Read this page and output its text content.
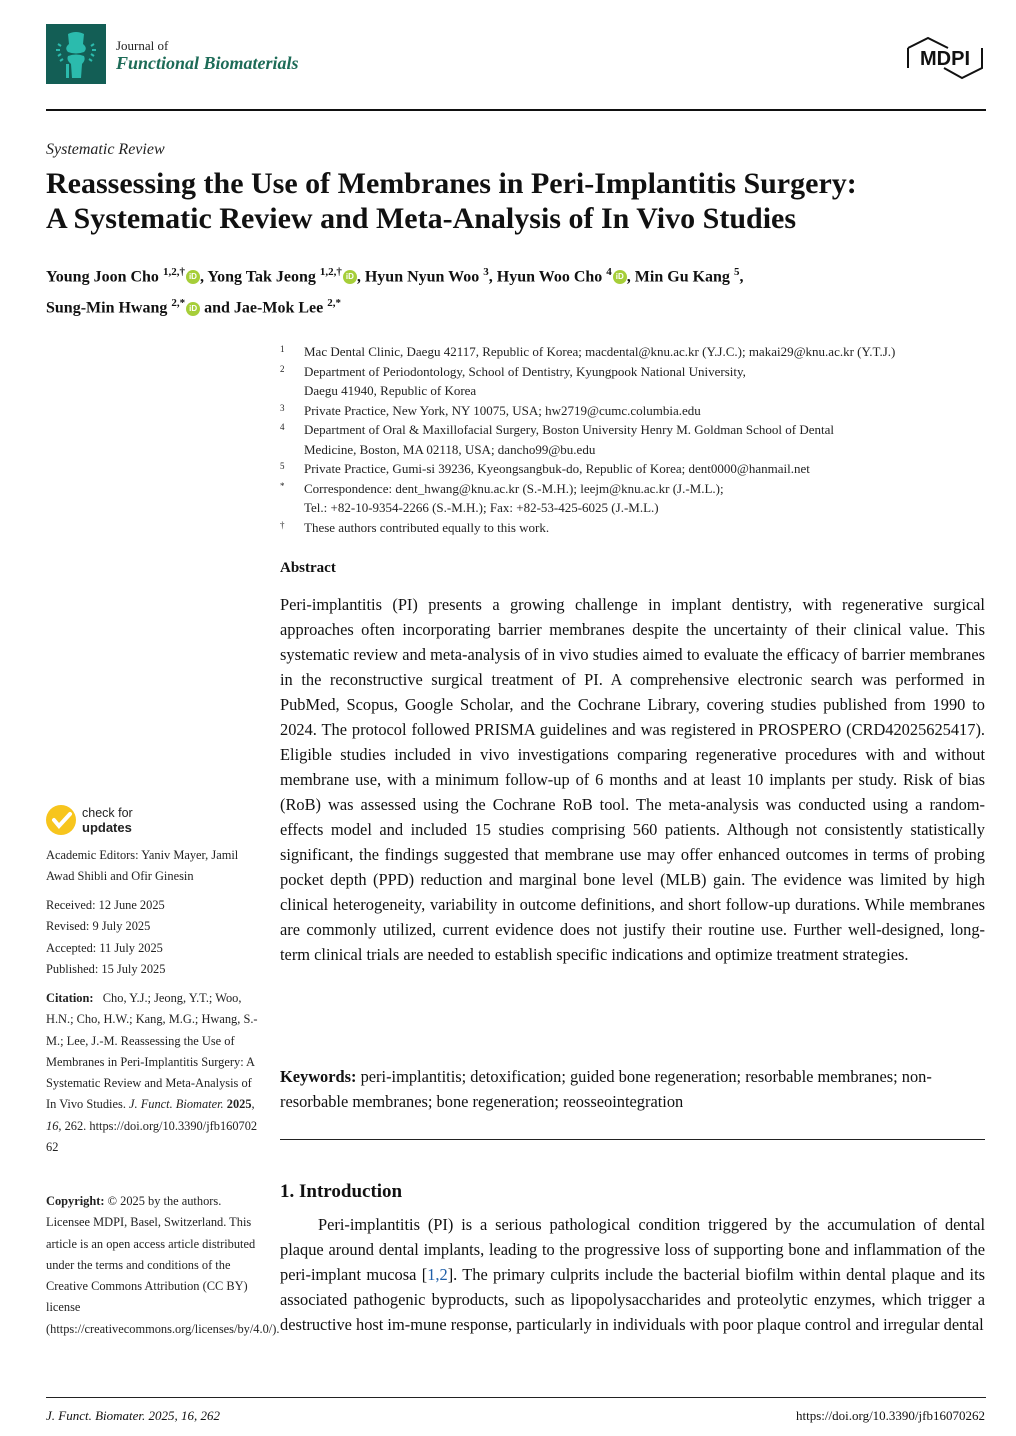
Journal of
Functional Biomaterials	MDPI
Systematic Review
Reassessing the Use of Membranes in Peri-Implantitis Surgery:
A Systematic Review and Meta-Analysis of In Vivo Studies
Young Joon Cho $^{1,2,\dagger}$ iD , Yong Tak Jeong $^{1,2,\dagger}$ iD , Hyun Nyun Woo $^3$, Hyun Woo Cho $^4$ iD , Min Gu Kang $^5$,
Sung-Min Hwang $^{2,*}$ iD and Jae-Mok Lee $^{2,*}$
1 Mac Dental Clinic, Daegu 42117, Republic of Korea; macdental@knu.ac.kr (Y.J.C.); makai29@knu.ac.kr (Y.T.J.)
2 Department of Periodontology, School of Dentistry, Kyungpook National University,
Daegu 41940, Republic of Korea
3 Private Practice, New York, NY 10075, USA; hw2719@cumc.columbia.edu
4 Department of Oral & Maxillofacial Surgery, Boston University Henry M. Goldman School of Dental
Medicine, Boston, MA 02118, USA; dancho99@bu.edu
5 Private Practice, Gumi-si 39236, Kyeongsangbuk-do, Republic of Korea; dent0000@hanmail.net
* Correspondence: dent_hwang@knu.ac.kr (S.-M.H.); leejm@knu.ac.kr (J.-M.L.);
Tel.: +82-10-9354-2266 (S.-M.H.); Fax: +82-53-425-6025 (J.-M.L.)
† These authors contributed equally to this work.
Abstract
Peri-implantitis (PI) presents a growing challenge in implant dentistry, with regenerative surgical approaches often incorporating barrier membranes despite the uncertainty of their clinical value. This systematic review and meta-analysis of in vivo studies aimed to evaluate the efficacy of barrier membranes in the reconstructive surgical treatment of PI. A comprehensive electronic search was performed in PubMed, Scopus, Google Scholar, and the Cochrane Library, covering studies published from 1990 to 2024. The protocol followed PRISMA guidelines and was registered in PROSPERO (CRD42025625417). Eligible studies included in vivo investigations comparing regenerative procedures with and without membrane use, with a minimum follow-up of 6 months and at least 10 implants per study. Risk of bias (RoB) was assessed using the Cochrane RoB tool. The meta-analysis was conducted using a random-effects model and included 15 studies comprising 560 patients. Although not consistently statistically significant, the findings suggested that membrane use may offer enhanced outcomes in terms of probing pocket depth (PPD) reduction and marginal bone level (MLB) gain. The evidence was limited by high clinical heterogeneity, variability in outcome definitions, and short follow-up durations. While membranes are commonly utilized, current evidence does not justify their routine use. Further well-designed, long-term clinical trials are needed to establish specific indications and optimize treatment strategies.
Keywords: peri-implantitis; detoxification; guided bone regeneration; resorbable membranes; non-resorbable membranes; bone regeneration; reosseointegration
1. Introduction
Peri-implantitis (PI) is a serious pathological condition triggered by the accumulation of dental plaque around dental implants, leading to the progressive loss of supporting bone and inflammation of the peri-implant mucosa [1,2]. The primary culprits include the bacterial biofilm within dental plaque and its associated pathogenic byproducts, such as lipopolysaccharides and proteolytic enzymes, which trigger a destructive host im-mune response, particularly in individuals with poor plaque control and irregular dental
check for
updates
Academic Editors: Yaniv Mayer, Jamil Awad Shibli and Ofir Ginesin
Received: 12 June 2025
Revised: 9 July 2025
Accepted: 11 July 2025
Published: 15 July 2025
Citation: Cho, Y.J.; Jeong, Y.T.; Woo, H.N.; Cho, H.W.; Kang, M.G.; Hwang, S.-M.; Lee, J.-M. Reassessing the Use of Membranes in Peri-Implantitis Surgery: A Systematic Review and Meta-Analysis of In Vivo Studies. J. Funct. Biomater. 2025, 16, 262. https://doi.org/10.3390/jfb16070262
Copyright: © 2025 by the authors. Licensee MDPI, Basel, Switzerland. This article is an open access article distributed under the terms and conditions of the Creative Commons Attribution (CC BY) license (https://creativecommons.org/licenses/by/4.0/).
J. Funct. Biomater. 2025, 16, 262	https://doi.org/10.3390/jfb16070262
